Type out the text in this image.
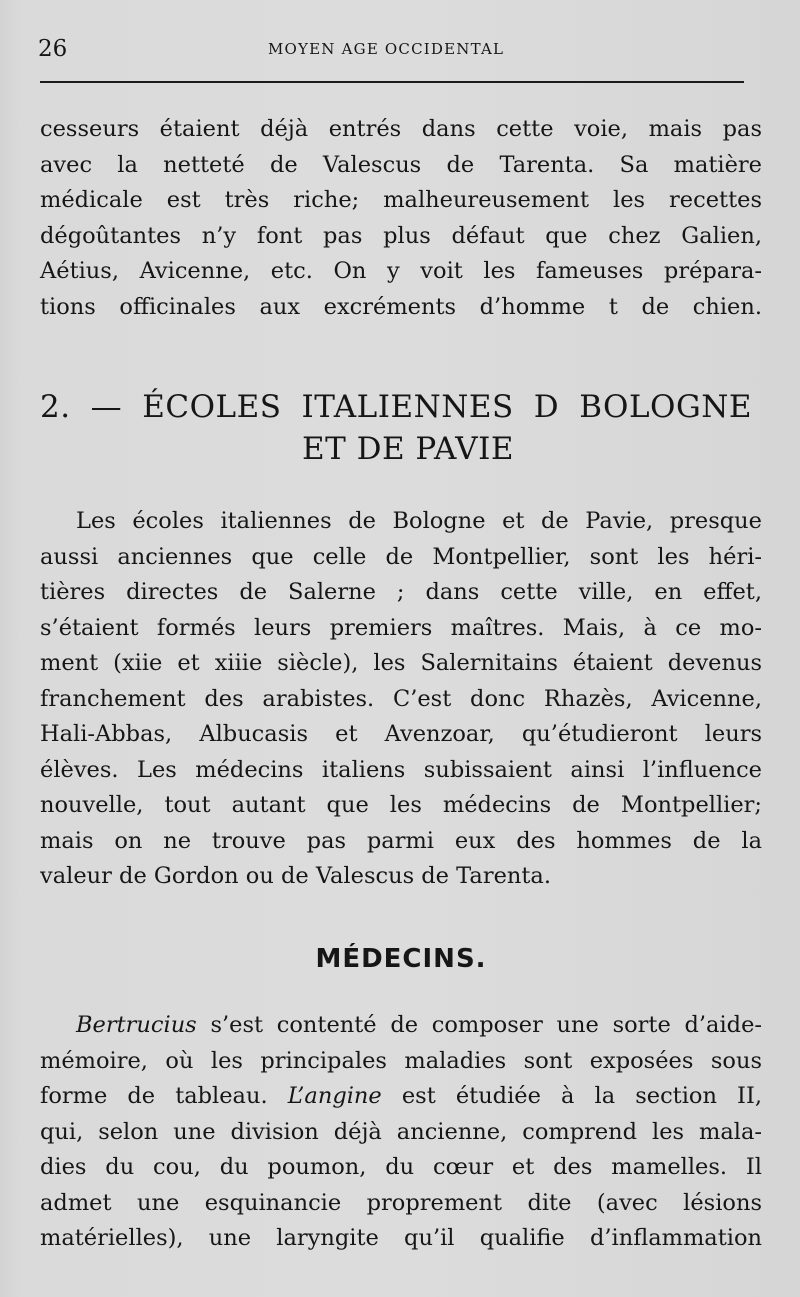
26	MOYEN AGE OCCIDENTAL
cesseurs étaient déjà entrés dans cette voie, mais pas
avec la netteté de Valescus de Tarenta. Sa matière
médicale est très riche; malheureusement les recettes
dégoûtantes n’y font pas plus défaut que chez Galien,
Aétius, Avicenne, etc. On y voit les fameuses prépara-
tions officinales aux excréments d’homme t de chien.
2. — ÉCOLES ITALIENNES D BOLOGNE
ET DE PAVIE
Les écoles italiennes de Bologne et de Pavie, presque
aussi anciennes que celle de Montpellier, sont les héri-
tières directes de Salerne ; dans cette ville, en effet,
s’étaient formés leurs premiers maîtres. Mais, à ce mo-
ment (xiie et xiiie siècle), les Salernitains étaient devenus
franchement des arabistes. C’est donc Rhazès, Avicenne,
Hali-Abbas, Albucasis et Avenzoar, qu’étudieront leurs
élèves. Les médecins italiens subissaient ainsi l’influence
nouvelle, tout autant que les médecins de Montpellier;
mais on ne trouve pas parmi eux des hommes de la
valeur de Gordon ou de Valescus de Tarenta.
MÉDECINS.
Bertrucius s’est contenté de composer une sorte d’aide-
mémoire, où les principales maladies sont exposées sous
forme de tableau. L’angine est étudiée à la section II,
qui, selon une division déjà ancienne, comprend les mala-
dies du cou, du poumon, du cœur et des mamelles. Il
admet une esquinancie proprement dite (avec lésions
matérielles), une laryngite qu’il qualifie d’inflammation
